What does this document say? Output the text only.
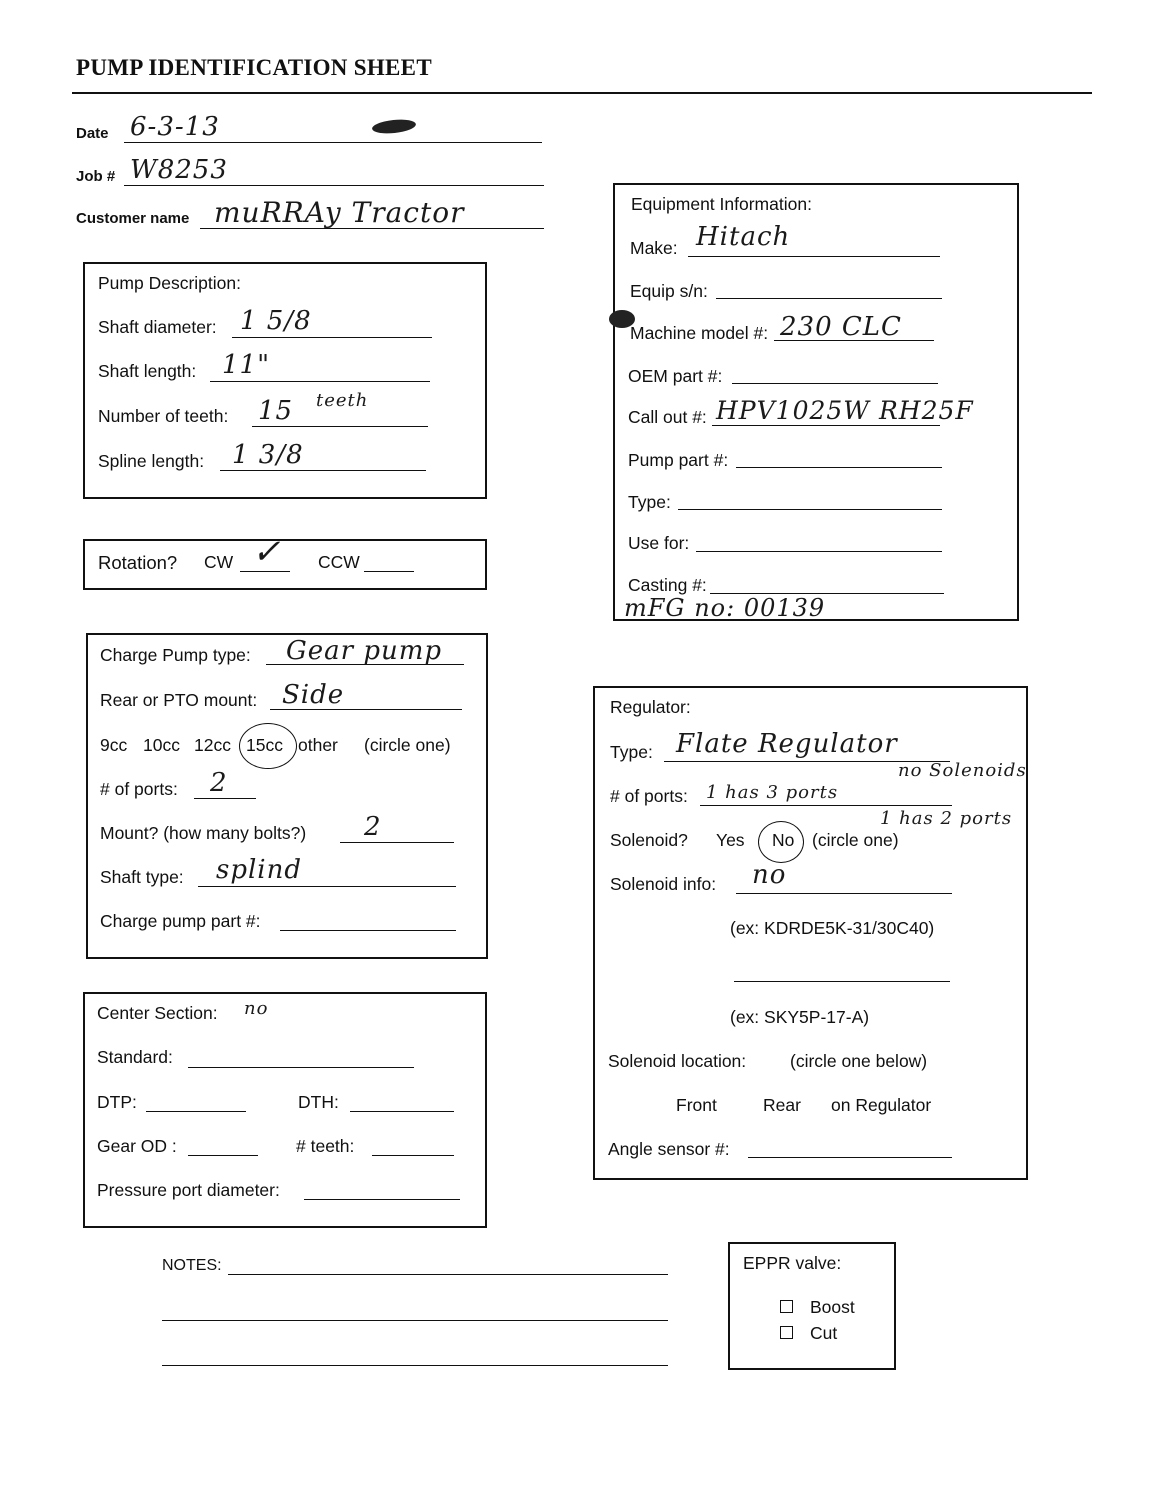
PUMP IDENTIFICATION SHEET
Date 6-3-13
Job # W8253
Customer name muRRAy Tractor
Pump Description:
Shaft diameter: 1 5/8
Shaft length: 11"
Number of teeth: 15 teeth
Spline length: 1 3/8
Rotation? CW ✓ CCW
Charge Pump type: Gear pump
Rear or PTO mount: Side
9cc 10cc 12cc 15cc other (circle one)
# of ports: 2
Mount? (how many bolts?) 2
Shaft type: splind
Charge pump part #:
Center Section: no
Standard:
DTP:	DTH:
Gear OD :	# teeth:
Pressure port diameter:
Equipment Information:
Make: Hitach
Equip s/n:
Machine model #: 230 CLC
OEM part #:
Call out #: HPV1025W RH25F
Pump part #:
Type:
Use for:
Casting #:
mFG no: 00139
Regulator:
Type: Flate Regulator
no Solenoids
# of ports: 1 has 3 ports
1 has 2 ports
Solenoid? Yes No (circle one)
Solenoid info: no
(ex: KDRDE5K-31/30C40)
(ex: SKY5P-17-A)
Solenoid location:	(circle one below)
Front	Rear on Regulator
Angle sensor #:
NOTES:	EPPR valve:
Boost
Cut
